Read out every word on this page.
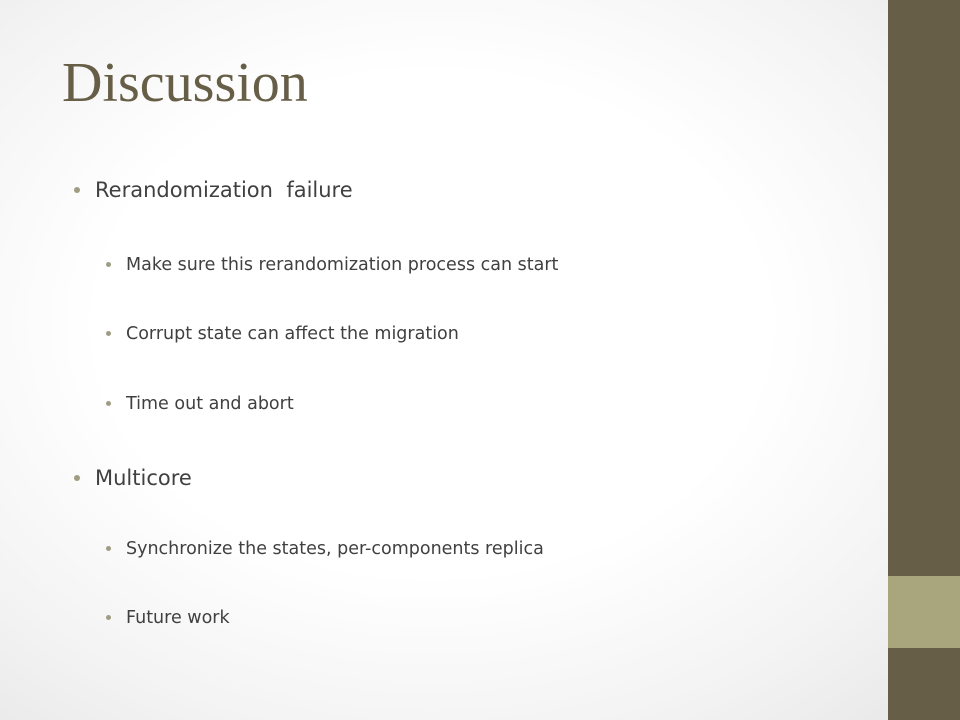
Discussion
Rerandomization  failure
Make sure this rerandomization process can start
Corrupt state can affect the migration
Time out and abort
Multicore
Synchronize the states, per-components replica
Future work
